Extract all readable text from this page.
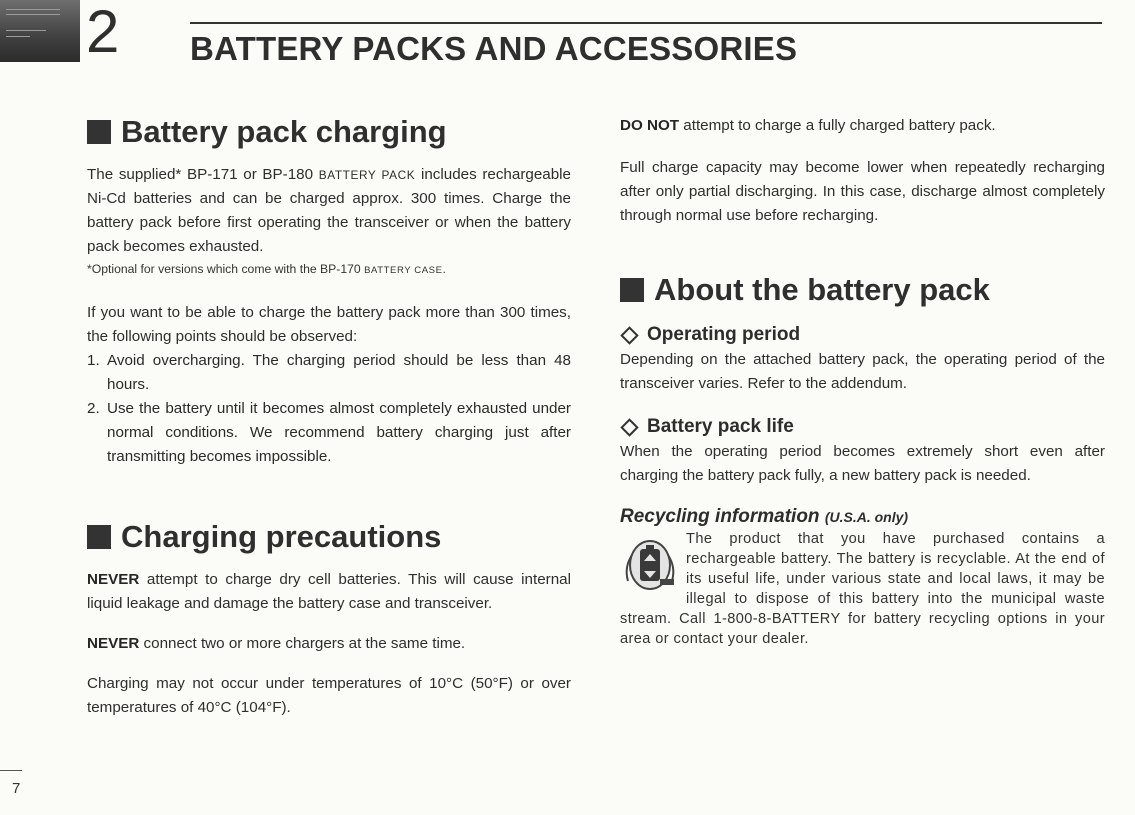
2 BATTERY PACKS AND ACCESSORIES
Battery pack charging

The supplied* BP-171 or BP-180 BATTERY PACK includes rechargeable Ni-Cd batteries and can be charged approx. 300 times. Charge the battery pack before first operating the transceiver or when the battery pack becomes exhausted.

*Optional for versions which come with the BP-170 BATTERY CASE.

If you want to be able to charge the battery pack more than 300 times, the following points should be observed:

1. Avoid overcharging. The charging period should be less than 48 hours.
2. Use the battery until it becomes almost completely exhausted under normal conditions. We recommend battery charging just after transmitting becomes impossible.
Charging precautions

NEVER attempt to charge dry cell batteries. This will cause internal liquid leakage and damage the battery case and transceiver.

NEVER connect two or more chargers at the same time.

Charging may not occur under temperatures of 10°C (50°F) or over temperatures of 40°C (104°F).

DO NOT attempt to charge a fully charged battery pack.

Full charge capacity may become lower when repeatedly recharging after only partial discharging. In this case, discharge almost completely through normal use before recharging.

About the battery pack
Operating period

Depending on the attached battery pack, the operating period of the transceiver varies. Refer to the addendum.

Battery pack life

When the operating period becomes extremely short even after charging the battery pack fully, a new battery pack is needed.

Recycling information (U.S.A. only)

The product that you have purchased contains a rechargeable battery. The battery is recyclable. At the end of its useful life, under various state and local laws, it may be illegal to dispose of this battery into the municipal waste stream. Call 1-800-8-BATTERY for battery recycling options in your area or contact your dealer.
7
